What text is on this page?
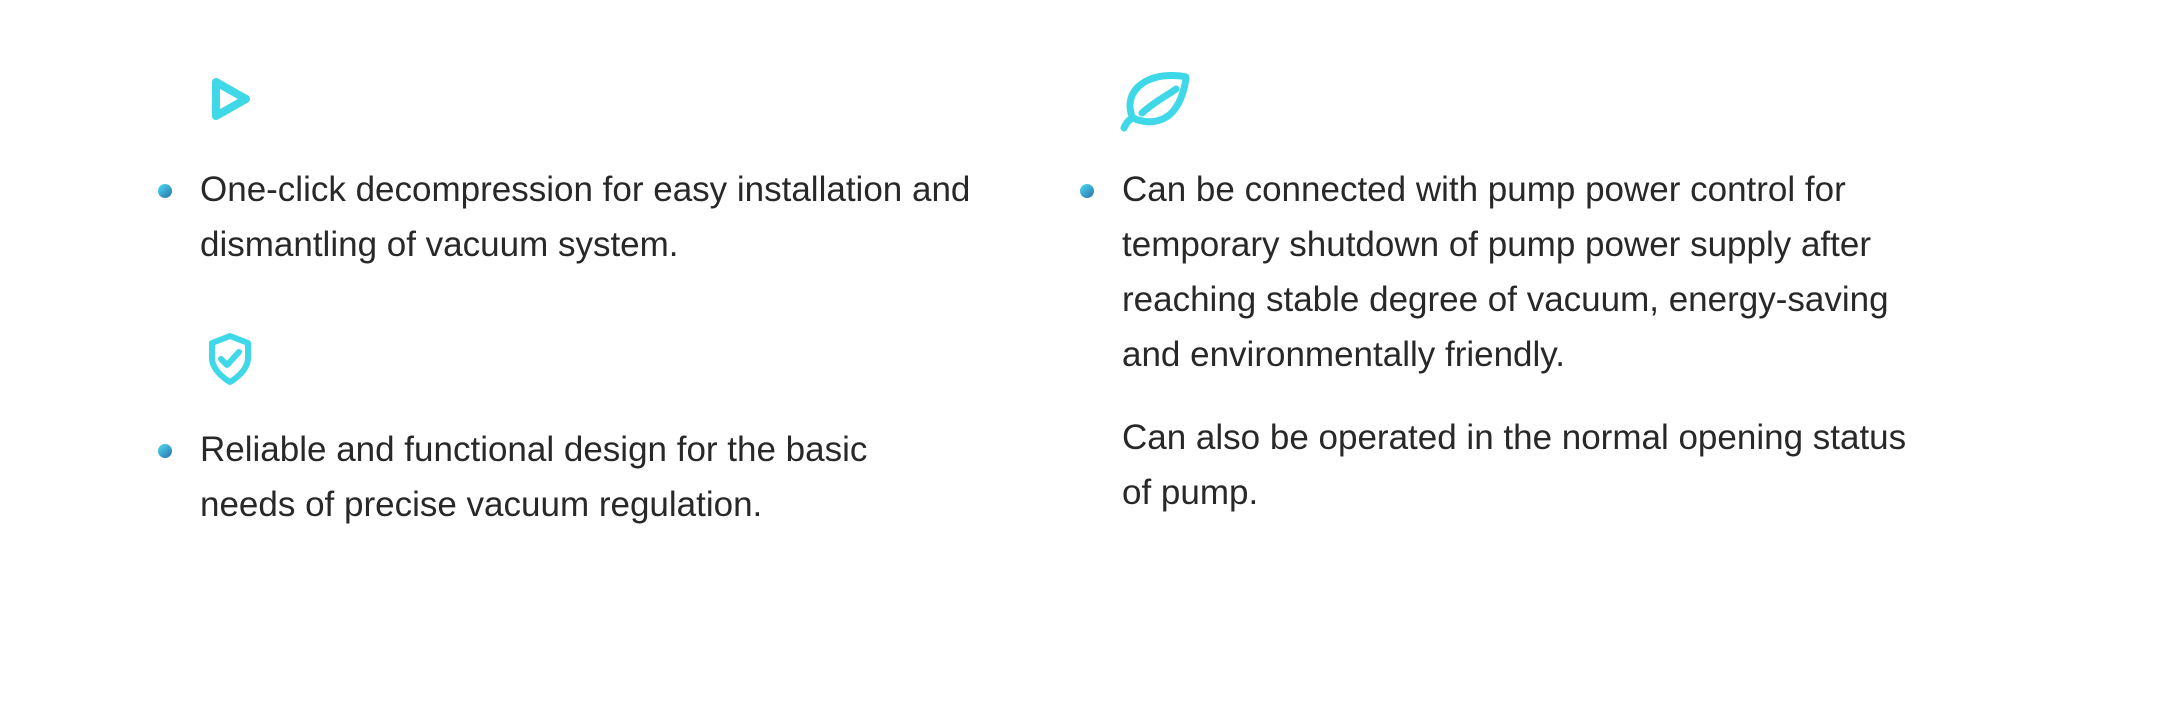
One-click decompression for easy installation and
dismantling of vacuum system.
Reliable and functional design for the basic
needs of precise vacuum regulation.
Can be connected with pump power control for
temporary shutdown of pump power supply after
reaching stable degree of vacuum, energy-saving
and environmentally friendly.
Can also be operated in the normal opening status
of pump.
